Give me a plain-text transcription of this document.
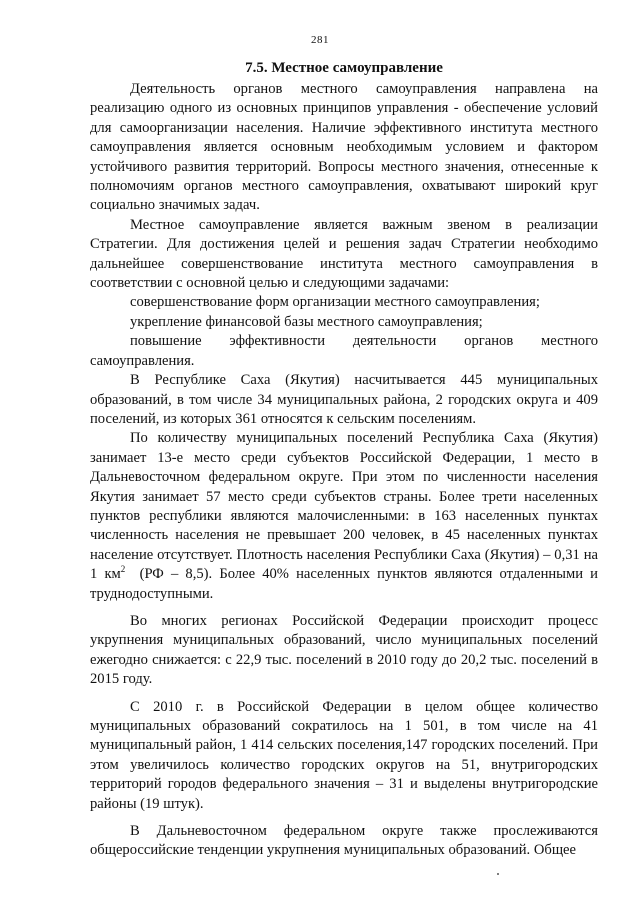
281
7.5. Местное самоуправление

Деятельность органов местного самоуправления направлена на реализацию одного из основных принципов управления - обеспечение условий для самоорганизации населения. Наличие эффективного института местного самоуправления является основным необходимым условием и фактором устойчивого развития территорий. Вопросы местного значения, отнесенные к полномочиям органов местного самоуправления, охватывают широкий круг социально значимых задач.

Местное самоуправление является важным звеном в реализации Стратегии. Для достижения целей и решения задач Стратегии необходимо дальнейшее совершенствование института местного самоуправления в соответствии с основной целью и следующими задачами:

совершенствование форм организации местного самоуправления;

укрепление финансовой базы местного самоуправления;

повышение эффективности деятельности органов местного самоуправления.

В Республике Саха (Якутия) насчитывается 445 муниципальных образований, в том числе 34 муниципальных района, 2 городских округа и 409 поселений, из которых 361 относятся к сельским поселениям.

По количеству муниципальных поселений Республика Саха (Якутия) занимает 13-е место среди субъектов Российской Федерации, 1 место в Дальневосточном федеральном округе. При этом по численности населения Якутия занимает 57 место среди субъектов страны. Более трети населенных пунктов республики являются малочисленными: в 163 населенных пунктах численность населения не превышает 200 человек, в 45 населенных пунктах население отсутствует. Плотность населения Республики Саха (Якутия) – 0,31 на 1 $км^2$ (РФ – 8,5). Более 40% населенных пунктов являются отдаленными и труднодоступными.

Во многих регионах Российской Федерации происходит процесс укрупнения муниципальных образований, число муниципальных поселений ежегодно снижается: с 22,9 тыс. поселений в 2010 году до 20,2 тыс. поселений в 2015 году.

С 2010 г. в Российской Федерации в целом общее количество муниципальных образований сократилось на 1 501, в том числе на 41 муниципальный район, 1 414 сельских поселения,147 городских поселений. При этом увеличилось количество городских округов на 51, внутригородских территорий городов федерального значения – 31 и выделены внутригородские районы (19 штук).

В Дальневосточном федеральном округе также прослеживаются общероссийские тенденции укрупнения муниципальных образований. Общее
